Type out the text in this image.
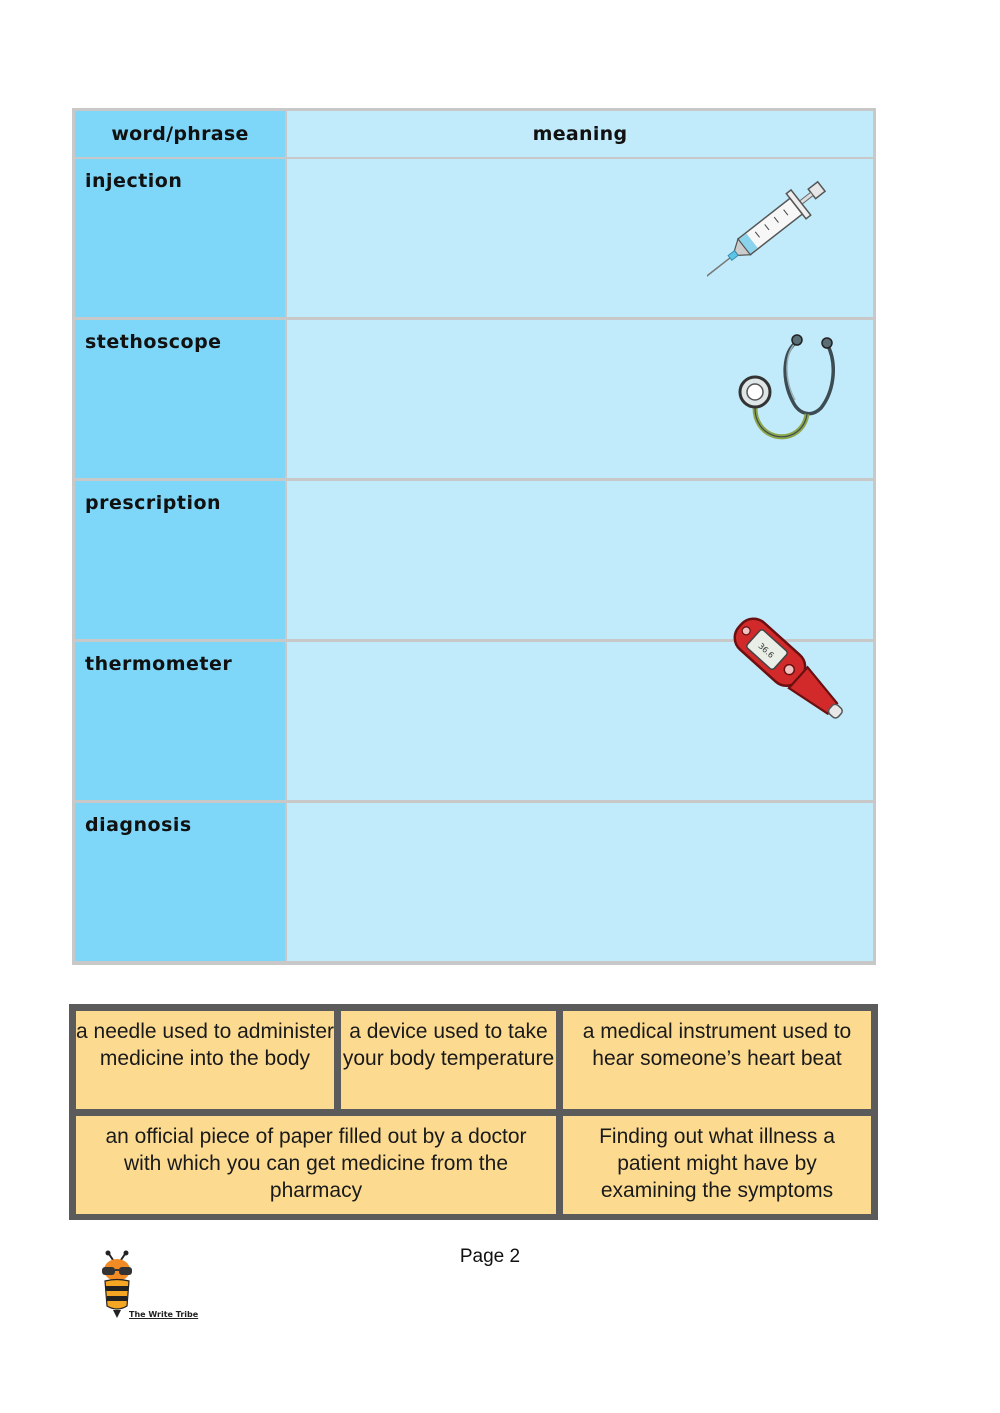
word/phrase	meaning
injection
stethoscope
prescription
thermometer
36.6
diagnosis
a needle used to administer medicine into the body
a device used to take your body temperature
a medical instrument used to hear someone’s heart beat
an official piece of paper filled out by a doctor with which you can get medicine from the pharmacy
Finding out what illness a patient might have by examining the symptoms
The Write Tribe
Page 2
